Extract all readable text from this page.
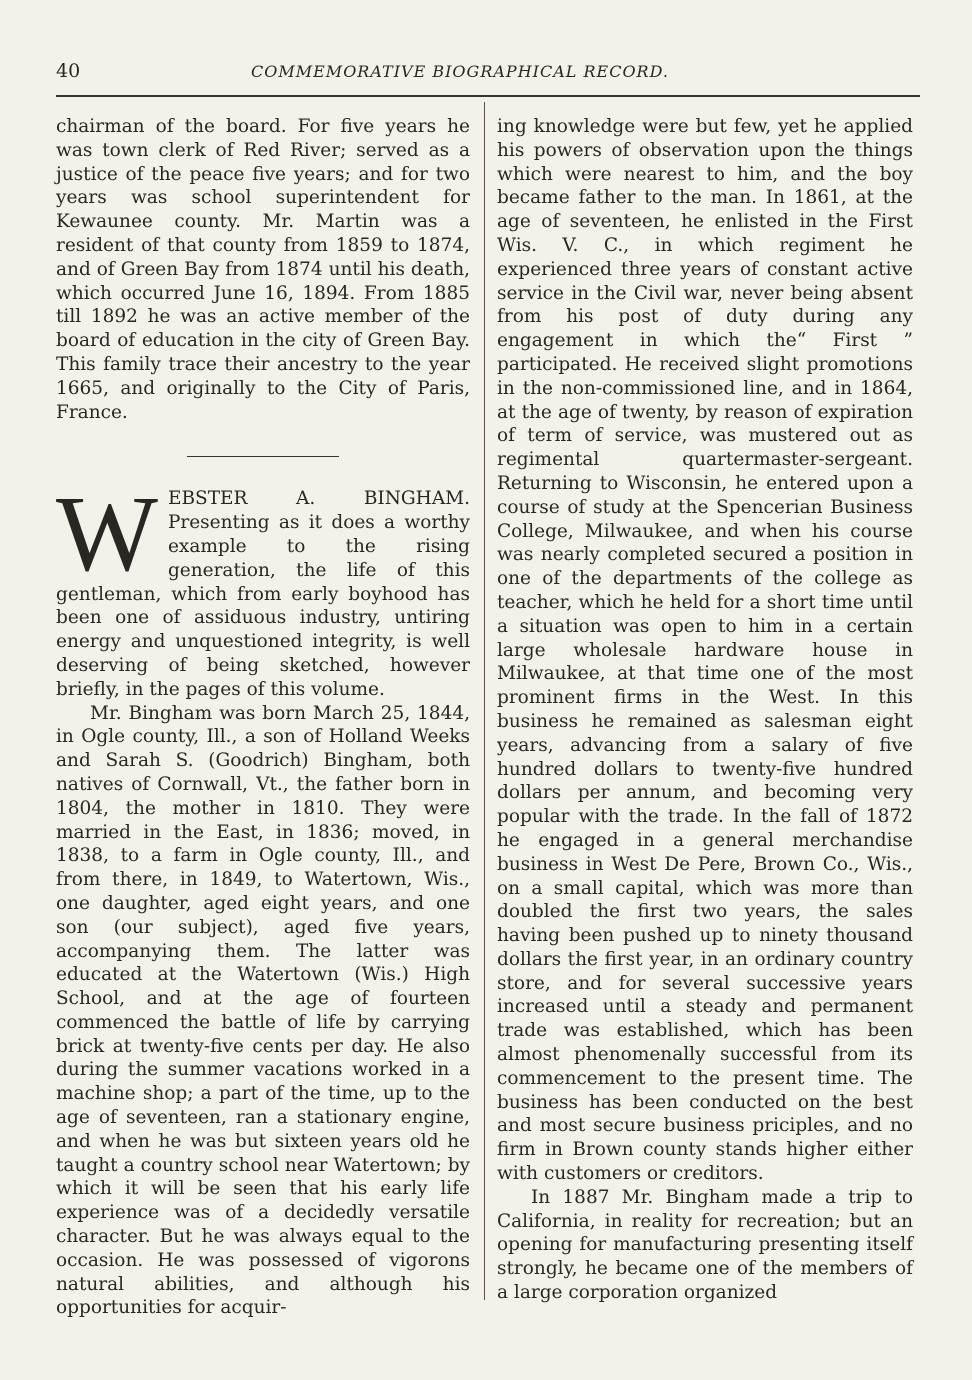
40	COMMEMORATIVE BIOGRAPHICAL RECORD.

chairman of the board. For five years he was town clerk of Red River; served as a justice of the peace five years; and for two years was school superintendent for Kewaunee county. Mr. Martin was a resident of that county from 1859 to 1874, and of Green Bay from 1874 until his death, which occurred June 16, 1894. From 1885 till 1892 he was an active member of the board of education in the city of Green Bay. This family trace their ancestry to the year 1665, and originally to the City of Paris, France.

WEBSTER A. BINGHAM. Presenting as it does a worthy example to the rising generation, the life of this gentleman, which from early boyhood has been one of assiduous industry, untiring energy and unquestioned integrity, is well deserving of being sketched, however briefly, in the pages of this volume.

Mr. Bingham was born March 25, 1844, in Ogle county, Ill., a son of Holland Weeks and Sarah S. (Goodrich) Bingham, both natives of Cornwall, Vt., the father born in 1804, the mother in 1810. They were married in the East, in 1836; moved, in 1838, to a farm in Ogle county, Ill., and from there, in 1849, to Watertown, Wis., one daughter, aged eight years, and one son (our subject), aged five years, accompanying them. The latter was educated at the Watertown (Wis.) High School, and at the age of fourteen commenced the battle of life by carrying brick at twenty-five cents per day. He also during the summer vacations worked in a machine shop; a part of the time, up to the age of seventeen, ran a stationary engine, and when he was but sixteen years old he taught a country school near Watertown; by which it will be seen that his early life experience was of a decidedly versatile character. But he was always equal to the occasion. He was possessed of vigorons natural abilities, and although his opportunities for acquir-

ing knowledge were but few, yet he applied his powers of observation upon the things which were nearest to him, and the boy became father to the man. In 1861, at the age of seventeen, he enlisted in the First Wis. V. C., in which regiment he experienced three years of constant active service in the Civil war, never being absent from his post of duty during any engagement in which the“ First ” participated. He received slight promotions in the non-commissioned line, and in 1864, at the age of twenty, by reason of expiration of term of service, was mustered out as regimental quartermaster-sergeant. Returning to Wisconsin, he entered upon a course of study at the Spencerian Business College, Milwaukee, and when his course was nearly completed secured a position in one of the departments of the college as teacher, which he held for a short time until a situation was open to him in a certain large wholesale hardware house in Milwaukee, at that time one of the most prominent firms in the West. In this business he remained as salesman eight years, advancing from a salary of five hundred dollars to twenty-five hundred dollars per annum, and becoming very popular with the trade. In the fall of 1872 he engaged in a general merchandise business in West De Pere, Brown Co., Wis., on a small capital, which was more than doubled the first two years, the sales having been pushed up to ninety thousand dollars the first year, in an ordinary country store, and for several successive years increased until a steady and permanent trade was established, which has been almost phenomenally successful from its commencement to the present time. The business has been conducted on the best and most secure business priciples, and no firm in Brown county stands higher either with customers or creditors.

In 1887 Mr. Bingham made a trip to California, in reality for recreation; but an opening for manufacturing presenting itself strongly, he became one of the members of a large corporation organized
